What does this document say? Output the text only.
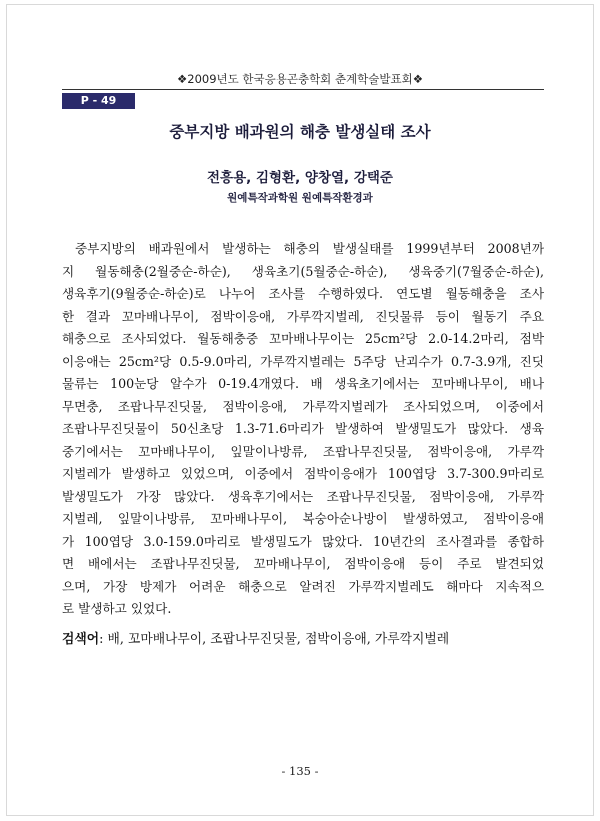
❖2009년도 한국응용곤충학회 춘계학술발표회❖
P - 49
중부지방 배과원의 해충 발생실태 조사
전흥용, 김형환, 양창열, 강택준
원예특작과학원 원예특작환경과
중부지방의 배과원에서 발생하는 해충의 발생실태를 1999년부터 2008년까
지 월동해충(2월중순-하순), 생육초기(5월중순-하순), 생육중기(7월중순-하순),
생육후기(9월중순-하순)로 나누어 조사를 수행하였다. 연도별 월동해충을 조사
한 결과 꼬마배나무이, 점박이응애, 가루깍지벌레, 진딧물류 등이 월동기 주요
해충으로 조사되었다. 월동해충중 꼬마배나무이는 25cm²당 2.0-14.2마리, 점박
이응애는 25cm²당 0.5-9.0마리, 가루깍지벌레는 5주당 난괴수가 0.7-3.9개, 진딧
물류는 100눈당 알수가 0-19.4개였다. 배 생육초기에서는 꼬마배나무이, 배나
무면충, 조팝나무진딧물, 점박이응애, 가루깍지벌레가 조사되었으며, 이중에서
조팝나무진딧물이 50신초당 1.3-71.6마리가 발생하여 발생밀도가 많았다. 생육
중기에서는 꼬마배나무이, 잎말이나방류, 조팝나무진딧물, 점박이응애, 가루깍
지벌레가 발생하고 있었으며, 이중에서 점박이응애가 100엽당 3.7-300.9마리로
발생밀도가 가장 많았다. 생육후기에서는 조팝나무진딧물, 점박이응애, 가루깍
지벌레, 잎말이나방류, 꼬마배나무이, 복숭아순나방이 발생하였고, 점박이응애
가 100엽당 3.0-159.0마리로 발생밀도가 많았다. 10년간의 조사결과를 종합하
면 배에서는 조팝나무진딧물, 꼬마배나무이, 점박이응애 등이 주로 발견되었
으며, 가장 방제가 어려운 해충으로 알려진 가루깍지벌레도 해마다 지속적으
로 발생하고 있었다.
검색어: 배, 꼬마배나무이, 조팝나무진딧물, 점박이응애, 가루깍지벌레
- 135 -
